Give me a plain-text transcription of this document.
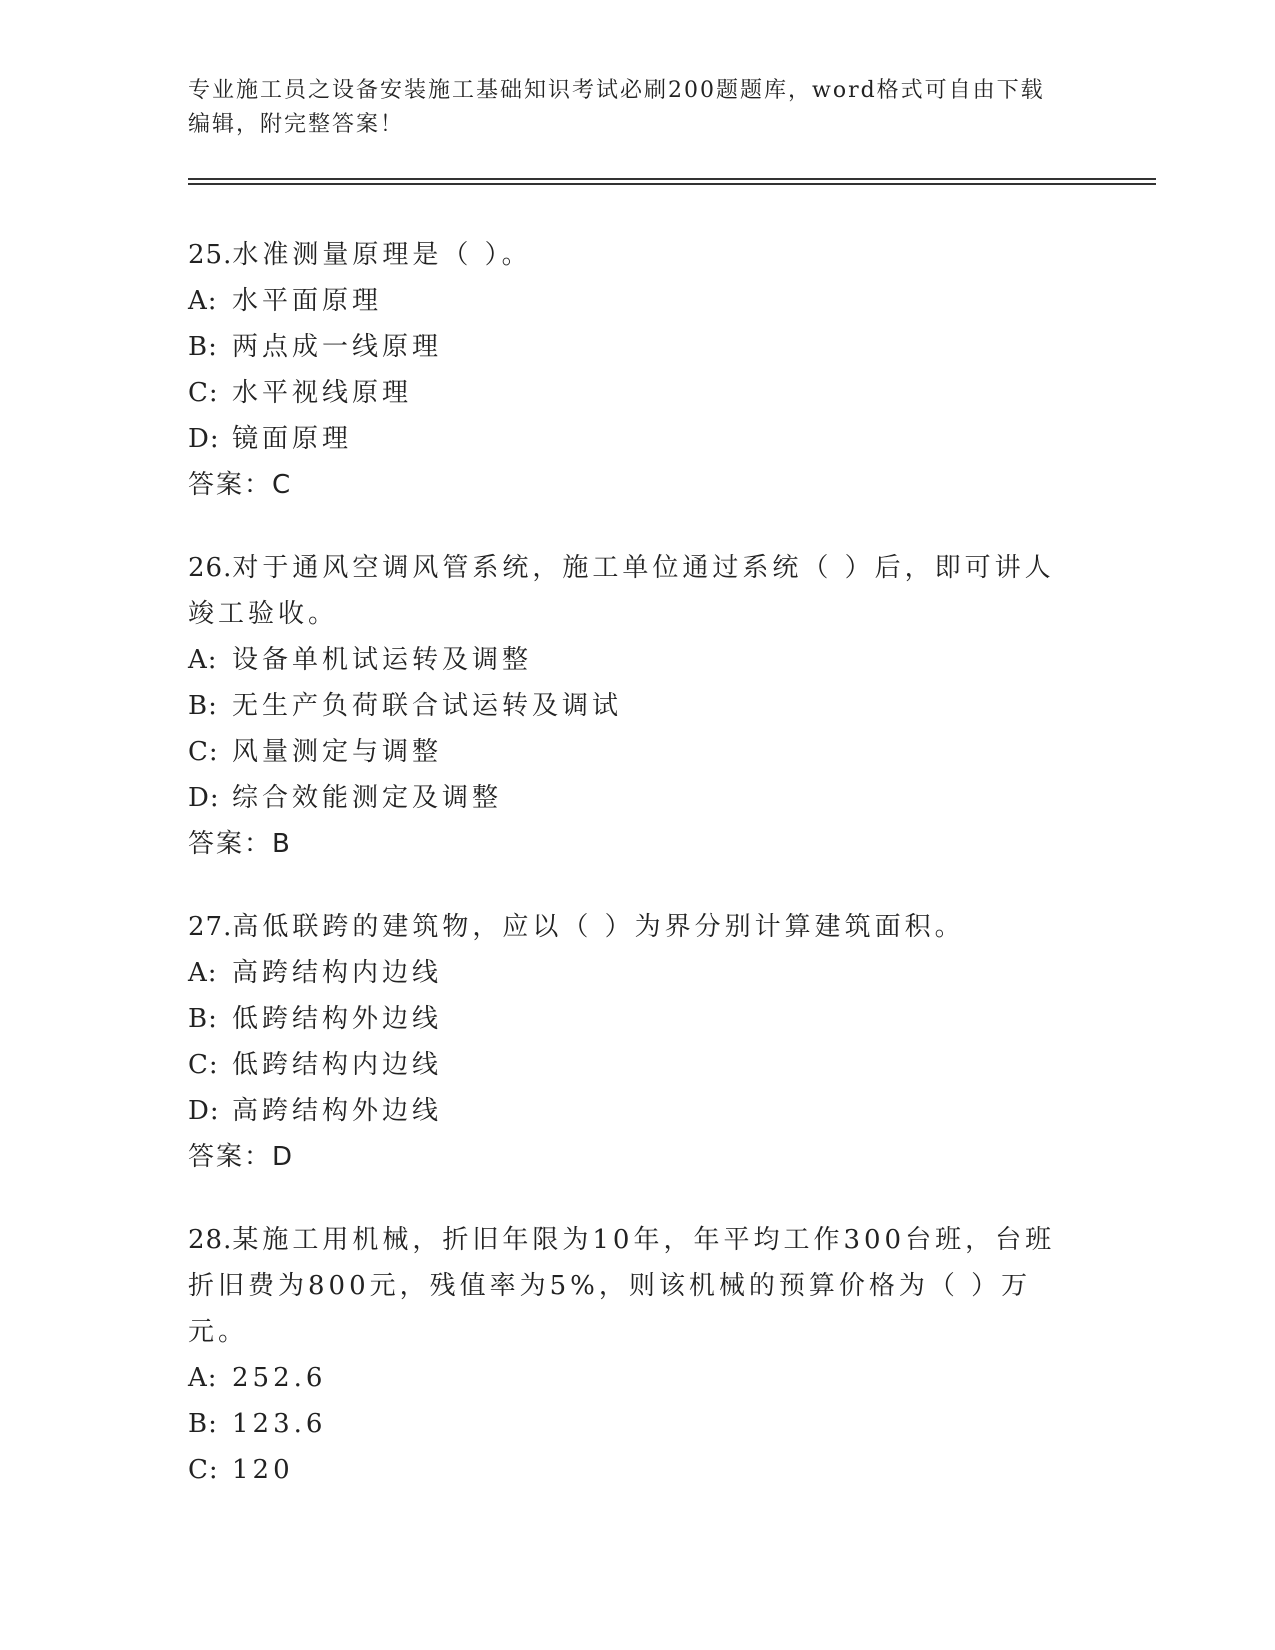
专业施工员之设备安装施工基础知识考试必刷200题题库，word格式可自由下载
编辑，附完整答案！

25.水准测量原理是（ ）。

A: 水平面原理

B: 两点成一线原理

C: 水平视线原理

D: 镜面原理

答案：C

26.对于通风空调风管系统，施工单位通过系统（ ）后，即可讲人竣工验收。

A: 设备单机试运转及调整

B: 无生产负荷联合试运转及调试

C: 风量测定与调整

D: 综合效能测定及调整

答案：B

27.高低联跨的建筑物，应以（ ）为界分别计算建筑面积。

A: 高跨结构内边线

B: 低跨结构外边线

C: 低跨结构内边线

D: 高跨结构外边线

答案：D

28.某施工用机械，折旧年限为10年，年平均工作300台班，台班折旧费为800元，残值率为5%，则该机械的预算价格为（ ）万元。

A: 252.6

B: 123.6

C: 120
